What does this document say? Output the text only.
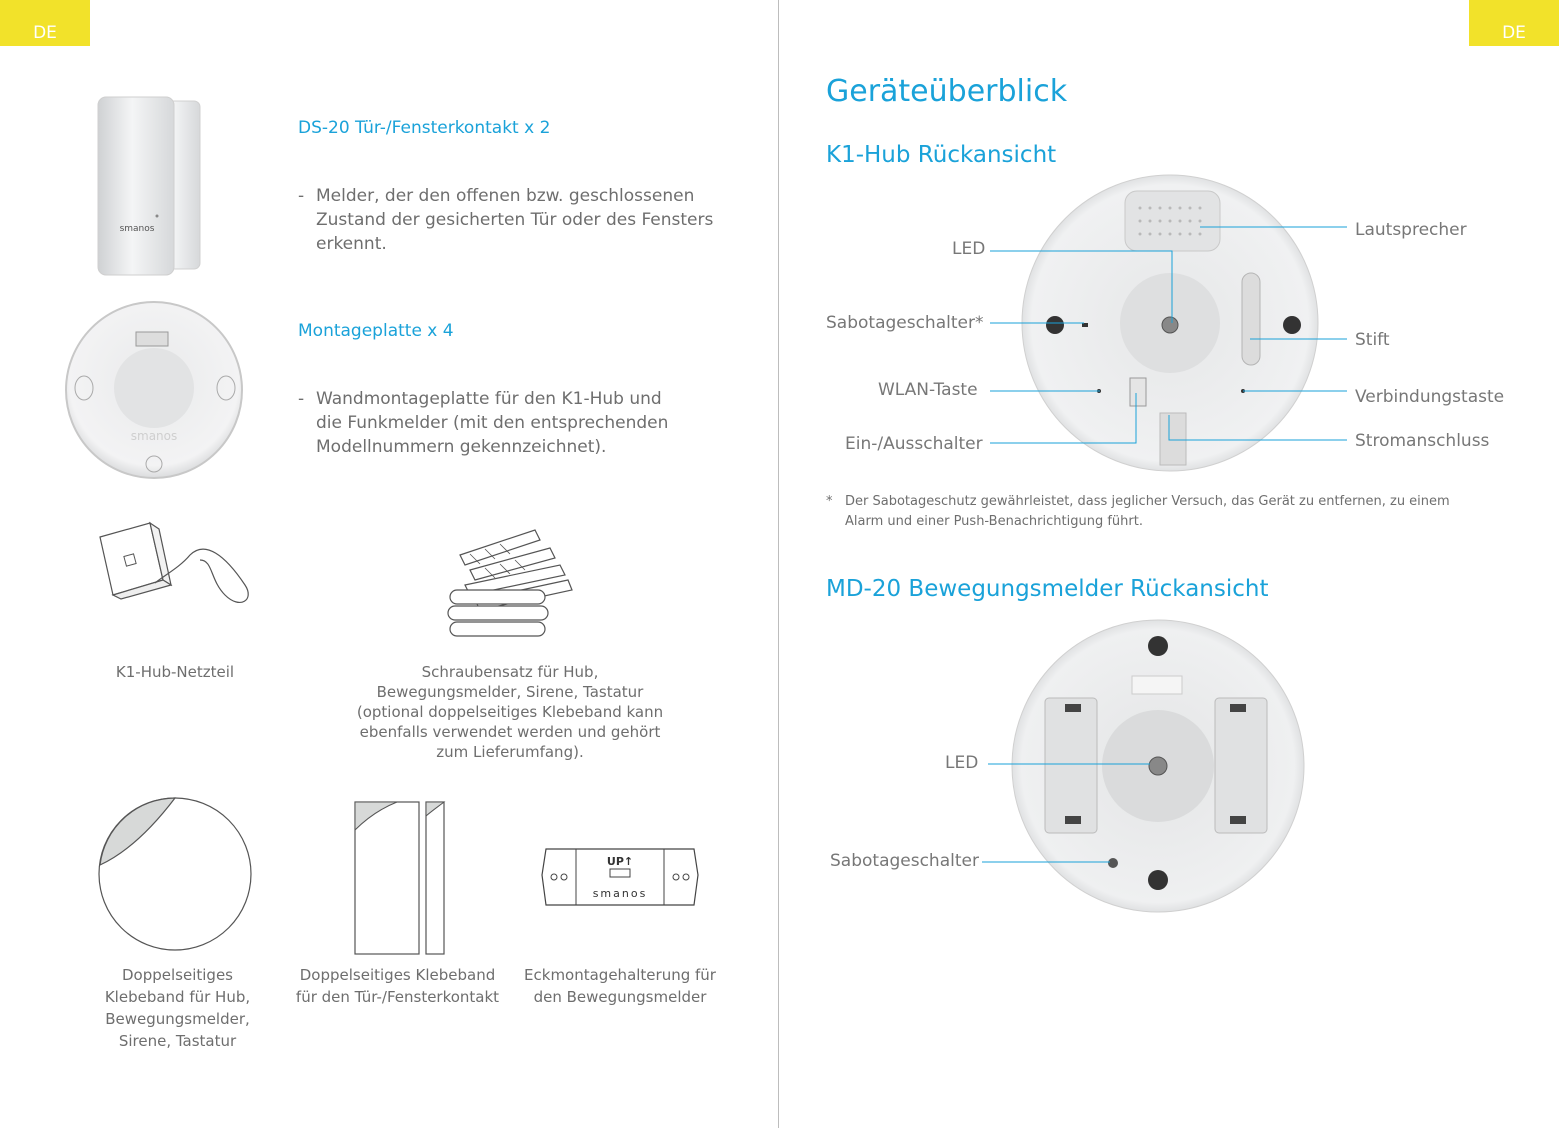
DE	DE
smanos
DS-20 Tür-/Fensterkontakt x 2
- Melder, der den offenen bzw. geschlossenen
Zustand der gesicherten Tür oder des Fensters
erkennt.
smanos
Montageplatte x 4
- Wandmontageplatte für den K1-Hub und
die Funkmelder (mit den entsprechenden
Modellnummern gekennzeichnet).
K1-Hub-Netzteil	Schraubensatz für Hub,
Bewegungsmelder, Sirene, Tastatur
(optional doppelseitiges Klebeband kann
ebenfalls verwendet werden und gehört
zum Lieferumfang).
Doppelseitiges
Klebeband für Hub,
Bewegungsmelder,
Sirene, Tastatur
Doppelseitiges Klebeband
für den Tür-/Fensterkontakt
UP↑
smanos
Eckmontagehalterung für
den Bewegungsmelder
Geräteüberblick
K1-Hub Rückansicht
LED
Sabotageschalter*
WLAN-Taste
Ein-/Ausschalter
Lautsprecher
Stift
Verbindungstaste
Stromanschluss
* Der Sabotageschutz gewährleistet, dass jeglicher Versuch, das Gerät zu entfernen, zu einem
Alarm und einer Push-Benachrichtigung führt.
MD-20 Bewegungsmelder Rückansicht
LED
Sabotageschalter
